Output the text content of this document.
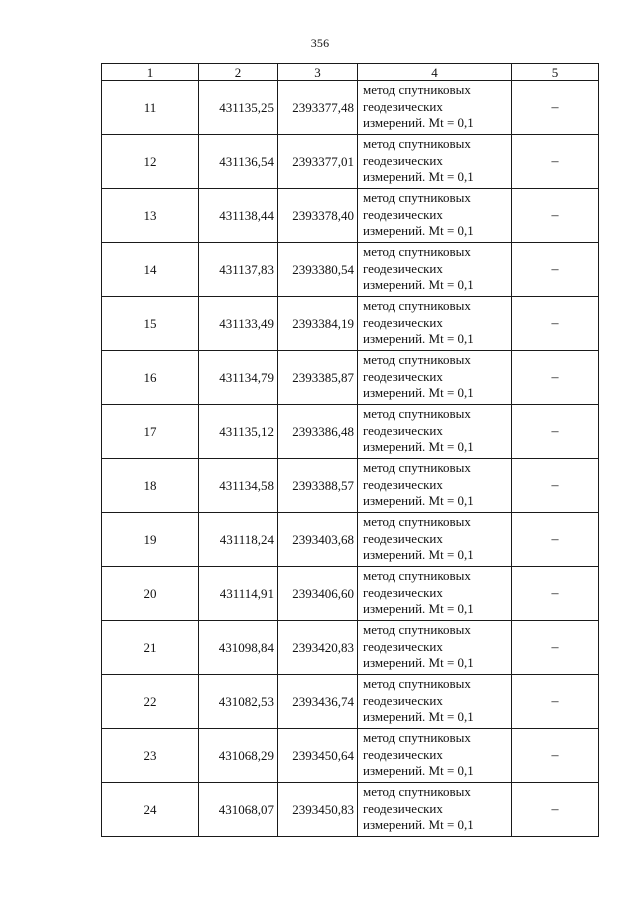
356
1	2	3	4	5
11	431135,25	2393377,48	метод спутниковых
геодезических
измерений. Mt = 0,1	–
12	431136,54	2393377,01	метод спутниковых
геодезических
измерений. Mt = 0,1	–
13	431138,44	2393378,40	метод спутниковых
геодезических
измерений. Mt = 0,1	–
14	431137,83	2393380,54	метод спутниковых
геодезических
измерений. Mt = 0,1	–
15	431133,49	2393384,19	метод спутниковых
геодезических
измерений. Mt = 0,1	–
16	431134,79	2393385,87	метод спутниковых
геодезических
измерений. Mt = 0,1	–
17	431135,12	2393386,48	метод спутниковых
геодезических
измерений. Mt = 0,1	–
18	431134,58	2393388,57	метод спутниковых
геодезических
измерений. Mt = 0,1	–
19	431118,24	2393403,68	метод спутниковых
геодезических
измерений. Mt = 0,1	–
20	431114,91	2393406,60	метод спутниковых
геодезических
измерений. Mt = 0,1	–
21	431098,84	2393420,83	метод спутниковых
геодезических
измерений. Mt = 0,1	–
22	431082,53	2393436,74	метод спутниковых
геодезических
измерений. Mt = 0,1	–
23	431068,29	2393450,64	метод спутниковых
геодезических
измерений. Mt = 0,1	–
24	431068,07	2393450,83	метод спутниковых
геодезических
измерений. Mt = 0,1	–
